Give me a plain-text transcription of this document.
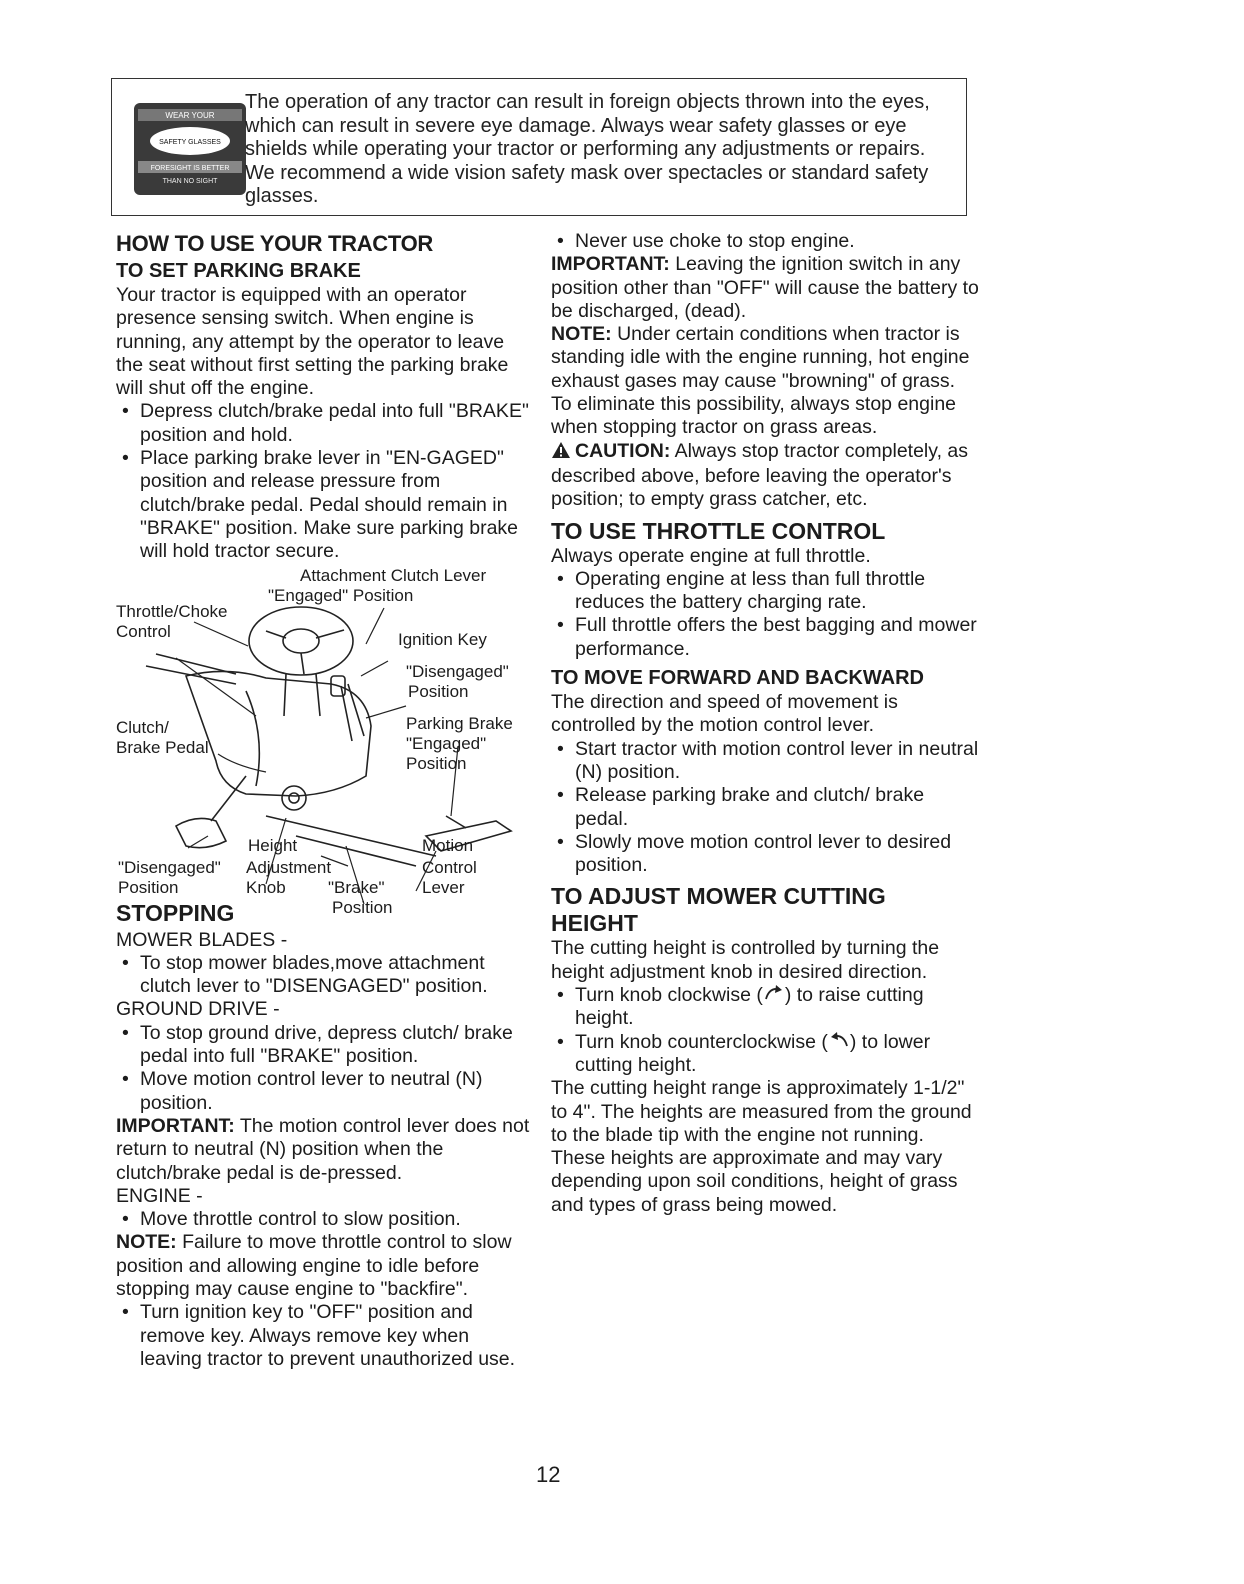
WEAR YOUR
SAFETY GLASSES
FORESIGHT IS BETTER
THAN NO SIGHT

The operation of any tractor can result in foreign objects thrown into the eyes, which can result in severe eye damage. Always wear safety glasses or eye shields while operating your tractor or performing any adjustments or repairs. We recommend a wide vision safety mask over spectacles or standard safety glasses.

HOW TO USE YOUR TRACTOR
TO SET PARKING BRAKE

Your tractor is equipped with an operator presence sensing switch. When engine is running, any attempt by the operator to leave the seat without first setting the parking brake will shut off the engine.

• Depress clutch/brake pedal into full "BRAKE" position and hold.

• Place parking brake lever in "EN-GAGED" position and release pressure from clutch/brake pedal. Pedal should remain in "BRAKE" position. Make sure parking brake will hold tractor secure.

Attachment Clutch Lever
"Engaged" Position
Throttle/Choke
Control	Ignition Key
"Disengaged"
Position
Parking Brake
"Engaged"
Position
Clutch/
Brake Pedal
Height
"Disengaged" Adjustment
Position	Knob "Brake"
Position
Motion
Control
Lever
STOPPING

MOWER BLADES -

• To stop mower blades,move attachment clutch lever to "DISENGAGED" position.

GROUND DRIVE -

• To stop ground drive, depress clutch/ brake pedal into full "BRAKE" position.

• Move motion control lever to neutral (N) position.

IMPORTANT: The motion control lever does not return to neutral (N) position when the clutch/brake pedal is de-pressed.

ENGINE -

• Move throttle control to slow position.

NOTE: Failure to move throttle control to slow position and allowing engine to idle before stopping may cause engine to "backfire".

• Turn ignition key to "OFF" position and remove key. Always remove key when leaving tractor to prevent unauthorized use.

• Never use choke to stop engine.

IMPORTANT: Leaving the ignition switch in any position other than "OFF" will cause the battery to be discharged, (dead).

NOTE: Under certain conditions when tractor is standing idle with the engine running, hot engine exhaust gases may cause "browning" of grass. To eliminate this possibility, always stop engine when stopping tractor on grass areas.

CAUTION: Always stop tractor completely, as described above, before leaving the operator's position; to empty grass catcher, etc.

TO USE THROTTLE CONTROL

Always operate engine at full throttle.

• Operating engine at less than full throttle reduces the battery charging rate.

• Full throttle offers the best bagging and mower performance.

TO MOVE FORWARD AND BACKWARD

The direction and speed of movement is controlled by the motion control lever.

• Start tractor with motion control lever in neutral (N) position.

• Release parking brake and clutch/ brake pedal.

• Slowly move motion control lever to desired position.

TO ADJUST MOWER CUTTING HEIGHT

The cutting height is controlled by turning the height adjustment knob in desired direction.

• Turn knob clockwise ( ) to raise cutting height.

• Turn knob counterclockwise ( ) to lower cutting height.

The cutting height range is approximately 1-1/2" to 4". The heights are measured from the ground to the blade tip with the engine not running. These heights are approximate and may vary depending upon soil conditions, height of grass and types of grass being mowed.

12
